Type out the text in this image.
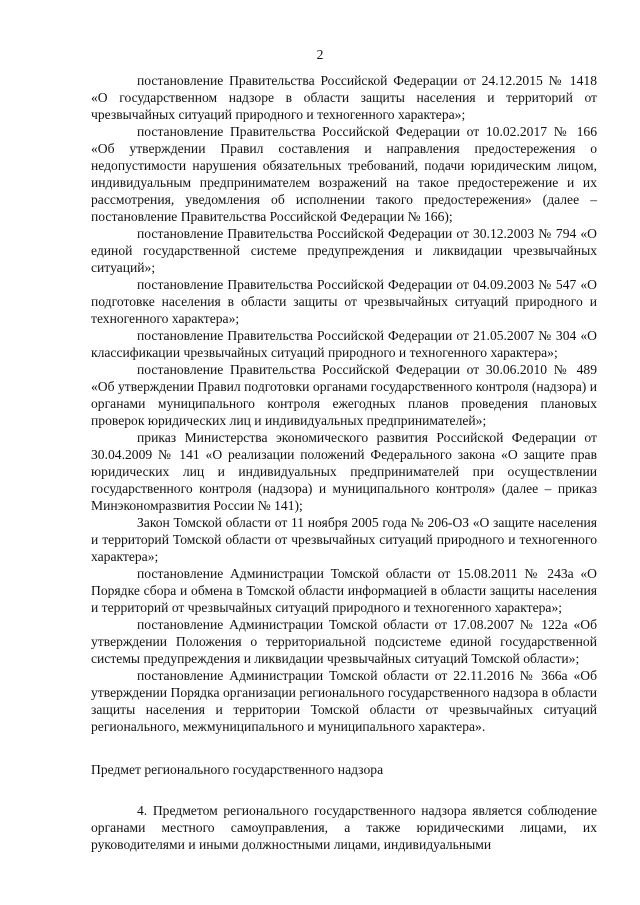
2

постановление Правительства Российской Федерации от 24.12.2015 № 1418 «О государственном надзоре в области защиты населения и территорий от чрезвычайных ситуаций природного и техногенного характера»;

постановление Правительства Российской Федерации от 10.02.2017 № 166 «Об утверждении Правил составления и направления предостережения о недопустимости нарушения обязательных требований, подачи юридическим лицом, индивидуальным предпринимателем возражений на такое предостережение и их рассмотрения, уведомления об исполнении такого предостережения» (далее – постановление Правительства Российской Федерации № 166);

постановление Правительства Российской Федерации от 30.12.2003 № 794 «О единой государственной системе предупреждения и ликвидации чрезвычайных ситуаций»;

постановление Правительства Российской Федерации от 04.09.2003 № 547 «О подготовке населения в области защиты от чрезвычайных ситуаций природного и техногенного характера»;

постановление Правительства Российской Федерации от 21.05.2007 № 304 «О классификации чрезвычайных ситуаций природного и техногенного характера»;

постановление Правительства Российской Федерации от 30.06.2010 № 489 «Об утверждении Правил подготовки органами государственного контроля (надзора) и органами муниципального контроля ежегодных планов проведения плановых проверок юридических лиц и индивидуальных предпринимателей»;

приказ Министерства экономического развития Российской Федерации от 30.04.2009 № 141 «О реализации положений Федерального закона «О защите прав юридических лиц и индивидуальных предпринимателей при осуществлении государственного контроля (надзора) и муниципального контроля» (далее – приказ Минэкономразвития России № 141);

Закон Томской области от 11 ноября 2005 года № 206-ОЗ «О защите населения и территорий Томской области от чрезвычайных ситуаций природного и техногенного характера»;

постановление Администрации Томской области от 15.08.2011 № 243а «О Порядке сбора и обмена в Томской области информацией в области защиты населения и территорий от чрезвычайных ситуаций природного и техногенного характера»;

постановление Администрации Томской области от 17.08.2007 № 122а «Об утверждении Положения о территориальной подсистеме единой государственной системы предупреждения и ликвидации чрезвычайных ситуаций Томской области»;

постановление Администрации Томской области от 22.11.2016 № 366а «Об утверждении Порядка организации регионального государственного надзора в области защиты населения и территории Томской области от чрезвычайных ситуаций регионального, межмуниципального и муниципального характера».

Предмет регионального государственного надзора

4. Предметом регионального государственного надзора является соблюдение органами местного самоуправления, а также юридическими лицами, их руководителями и иными должностными лицами, индивидуальными
